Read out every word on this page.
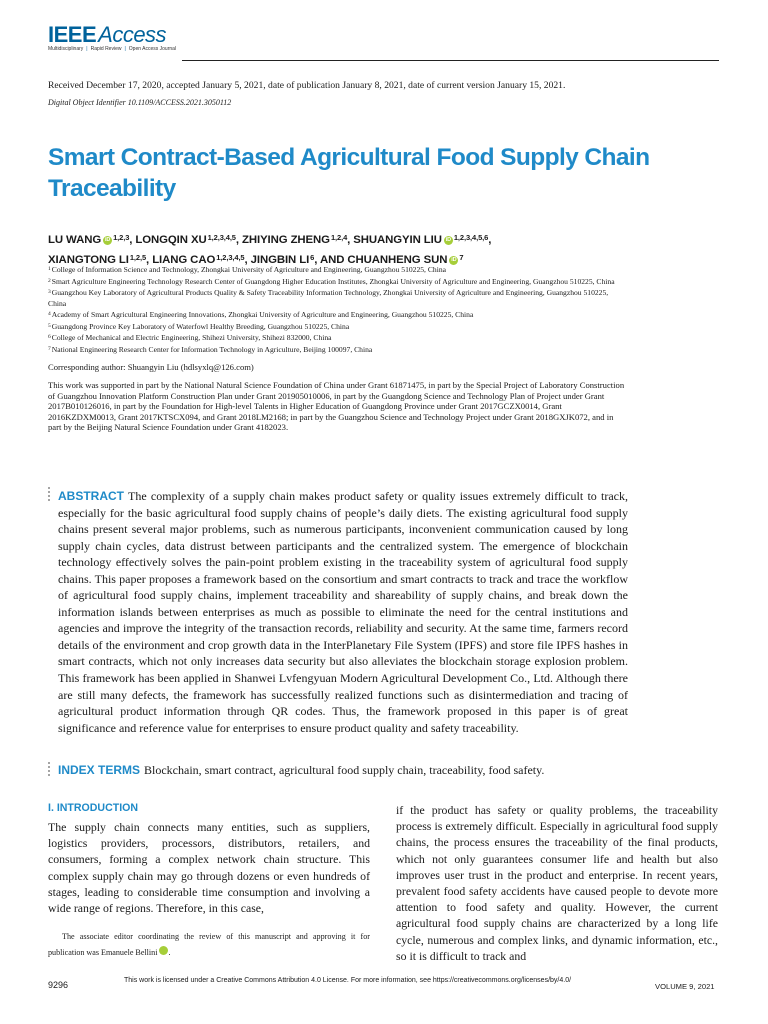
IEEE Access
Multidisciplinary | Rapid Review | Open Access Journal
Received December 17, 2020, accepted January 5, 2021, date of publication January 8, 2021, date of current version January 15, 2021.
Digital Object Identifier 10.1109/ACCESS.2021.3050112
Smart Contract-Based Agricultural Food Supply Chain Traceability
LU WANG iD $^{1,2,3}$, LONGQIN XU$^{1,2,3,4,5}$, ZHIYING ZHENG$^{1,2,4}$, SHUANGYIN LIU iD $^{1,2,3,4,5,6}$,
XIANGTONG LI$^{1,2,5}$, LIANG CAO$^{1,2,3,4,5}$, JINGBIN $LI^6$, AND CHUANHENG SUN iD $^7$
$^1$College of Information Science and Technology, Zhongkai University of Agriculture and Engineering, Guangzhou 510225, China
$^2$Smart Agriculture Engineering Technology Research Center of Guangdong Higher Education Institutes, Zhongkai University of Agriculture and Engineering, Guangzhou 510225, China
$^3$Guangzhou Key Laboratory of Agricultural Products Quality & Safety Traceability Information Technology, Zhongkai University of Agriculture and Engineering, Guangzhou 510225, China
$^4$Academy of Smart Agricultural Engineering Innovations, Zhongkai University of Agriculture and Engineering, Guangzhou 510225, China
$^5$Guangdong Province Key Laboratory of Waterfowl Healthy Breeding, Guangzhou 510225, China
$^6$College of Mechanical and Electric Engineering, Shihezi University, Shihezi 832000, China
$^7$National Engineering Research Center for Information Technology in Agriculture, Beijing 100097, China
Corresponding author: Shuangyin Liu (hdlsyxlq@126.com)
This work was supported in part by the National Natural Science Foundation of China under Grant 61871475, in part by the Special Project of Laboratory Construction of Guangzhou Innovation Platform Construction Plan under Grant 201905010006, in part by the Guangdong Science and Technology Plan of Project under Grant 2017B010126016, in part by the Foundation for High-level Talents in Higher Education of Guangdong Province under Grant 2017GCZX0014, Grant 2016KZDXM0013, Grant 2017KTSCX094, and Grant 2018LM2168; in part by the Guangzhou Science and Technology Project under Grant 2018GXJK072, and in part by the Beijing Natural Science Foundation under Grant 4182023.
ABSTRACT The complexity of a supply chain makes product safety or quality issues extremely difficult to track, especially for the basic agricultural food supply chains of people’s daily diets. The existing agricultural food supply chains present several major problems, such as numerous participants, inconvenient communication caused by long supply chain cycles, data distrust between participants and the centralized system. The emergence of blockchain technology effectively solves the pain-point problem existing in the traceability system of agricultural food supply chains. This paper proposes a framework based on the consortium and smart contracts to track and trace the workflow of agricultural food supply chains, implement traceability and shareability of supply chains, and break down the information islands between enterprises as much as possible to eliminate the need for the central institutions and agencies and improve the integrity of the transaction records, reliability and security. At the same time, farmers record details of the environment and crop growth data in the InterPlanetary File System (IPFS) and store file IPFS hashes in smart contracts, which not only increases data security but also alleviates the blockchain storage explosion problem. This framework has been applied in Shanwei Lvfengyuan Modern Agricultural Development Co., Ltd. Although there are still many defects, the framework has successfully realized functions such as disintermediation and tracing of agricultural product information through QR codes. Thus, the framework proposed in this paper is of great significance and reference value for enterprises to ensure product quality and safety traceability.
INDEX TERMS Blockchain, smart contract, agricultural food supply chain, traceability, food safety.
I. INTRODUCTION
The supply chain connects many entities, such as suppliers, logistics providers, processors, distributors, retailers, and consumers, forming a complex network chain structure. This complex supply chain may go through dozens or even hundreds of stages, leading to considerable time consumption and involving a wide range of regions. Therefore, in this case,
The associate editor coordinating the review of this manuscript and approving it for publication was Emanuele Bellini	iD.
if the product has safety or quality problems, the traceability process is extremely difficult. Especially in agricultural food supply chains, the process ensures the traceability of the final products, which not only guarantees consumer life and health but also improves user trust in the product and enterprise. In recent years, prevalent food safety accidents have caused people to devote more attention to food safety and quality. However, the current agricultural food supply chains are characterized by a long life cycle, numerous and complex links, and dynamic information, etc., so it is difficult to track and
9296	This work is licensed under a Creative Commons Attribution 4.0 License. For more information, see https://creativecommons.org/licenses/by/4.0/
VOLUME 9, 2021
